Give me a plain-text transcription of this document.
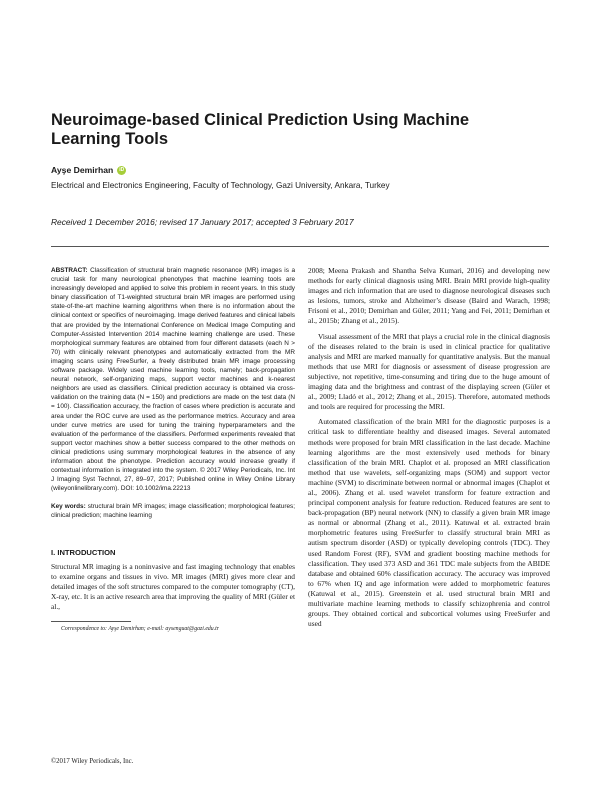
Neuroimage-based Clinical Prediction Using Machine Learning Tools
Ayşe Demirhan	iD
Electrical and Electronics Engineering, Faculty of Technology, Gazi University, Ankara, Turkey
Received 1 December 2016; revised 17 January 2017; accepted 3 February 2017

ABSTRACT: Classification of structural brain magnetic resonance (MR) images is a crucial task for many neurological phenotypes that machine learning tools are increasingly developed and applied to solve this problem in recent years. In this study binary classification of T1-weighted structural brain MR images are performed using state-of-the-art machine learning algorithms when there is no information about the clinical context or specifics of neuroimaging. Image derived features and clinical labels that are provided by the International Conference on Medical Image Computing and Computer-Assisted Intervention 2014 machine learning challenge are used. These morphological summary features are obtained from four different datasets (each N > 70) with clinically relevant phenotypes and automatically extracted from the MR imaging scans using FreeSurfer, a freely distributed brain MR image processing software package. Widely used machine learning tools, namely; back-propagation neural network, self-organizing maps, support vector machines and k-nearest neighbors are used as classifiers. Clinical prediction accuracy is obtained via cross-validation on the training data (N = 150) and predictions are made on the test data (N = 100). Classification accuracy, the fraction of cases where prediction is accurate and area under the ROC curve are used as the performance metrics. Accuracy and area under curve metrics are used for tuning the training hyperparameters and the evaluation of the performance of the classifiers. Performed experiments revealed that support vector machines show a better success compared to the other methods on clinical predictions using summary morphological features in the absence of any information about the phenotype. Prediction accuracy would increase greatly if contextual information is integrated into the system. © 2017 Wiley Periodicals, Inc. Int J Imaging Syst Technol, 27, 89–97, 2017; Published online in Wiley Online Library (wileyonlinelibrary.com). DOI: 10.1002/ima.22213

Key words: structural brain MR images; image classification; morphological features; clinical prediction; machine learning

I. INTRODUCTION

Structural MR imaging is a noninvasive and fast imaging technology that enables to examine organs and tissues in vivo. MR images (MRI) gives more clear and detailed images of the soft structures compared to the computer tomography (CT), X-ray, etc. It is an active research area that improving the quality of MRI (Güler et al.,

Correspondence to: Ayşe Demirhan; e-mail: aysenguat@gazi.edu.tr

2008; Meena Prakash and Shantha Selva Kumari, 2016) and developing new methods for early clinical diagnosis using MRI. Brain MRI provide high-quality images and rich information that are used to diagnose neurological diseases such as lesions, tumors, stroke and Alzheimer’s disease (Baird and Warach, 1998; Frisoni et al., 2010; Demirhan and Güler, 2011; Yang and Fei, 2011; Demirhan et al., 2015b; Zhang et al., 2015).

Visual assessment of the MRI that plays a crucial role in the clinical diagnosis of the diseases related to the brain is used in clinical practice for qualitative analysis and MRI are marked manually for quantitative analysis. But the manual methods that use MRI for diagnosis or assessment of disease progression are subjective, not repetitive, time-consuming and tiring due to the huge amount of imaging data and the brightness and contrast of the displaying screen (Güler et al., 2009; Lladó et al., 2012; Zhang et al., 2015). Therefore, automated methods and tools are required for processing the MRI.

Automated classification of the brain MRI for the diagnostic purposes is a critical task to differentiate healthy and diseased images. Several automated methods were proposed for brain MRI classification in the last decade. Machine learning algorithms are the most extensively used methods for binary classification of the brain MRI. Chaplot et al. proposed an MRI classification method that use wavelets, self-organizing maps (SOM) and support vector machine (SVM) to discriminate between normal or abnormal images (Chaplot et al., 2006). Zhang et al. used wavelet transform for feature extraction and principal component analysis for feature reduction. Reduced features are sent to back-propagation (BP) neural network (NN) to classify a given brain MR image as normal or abnormal (Zhang et al., 2011). Katuwal et al. extracted brain morphometric features using FreeSurfer to classify structural brain MRI as autism spectrum disorder (ASD) or typically developing controls (TDC). They used Random Forest (RF), SVM and gradient boosting machine methods for classification. They used 373 ASD and 361 TDC male subjects from the ABIDE database and obtained 60% classification accuracy. The accuracy was improved to 67% when IQ and age information were added to morphometric features (Katuwal et al., 2015). Greenstein et al. used structural brain MRI and multivariate machine learning methods to classify schizophrenia and control groups. They obtained cortical and subcortical volumes using FreeSurfer and used

©2017 Wiley Periodicals, Inc.
